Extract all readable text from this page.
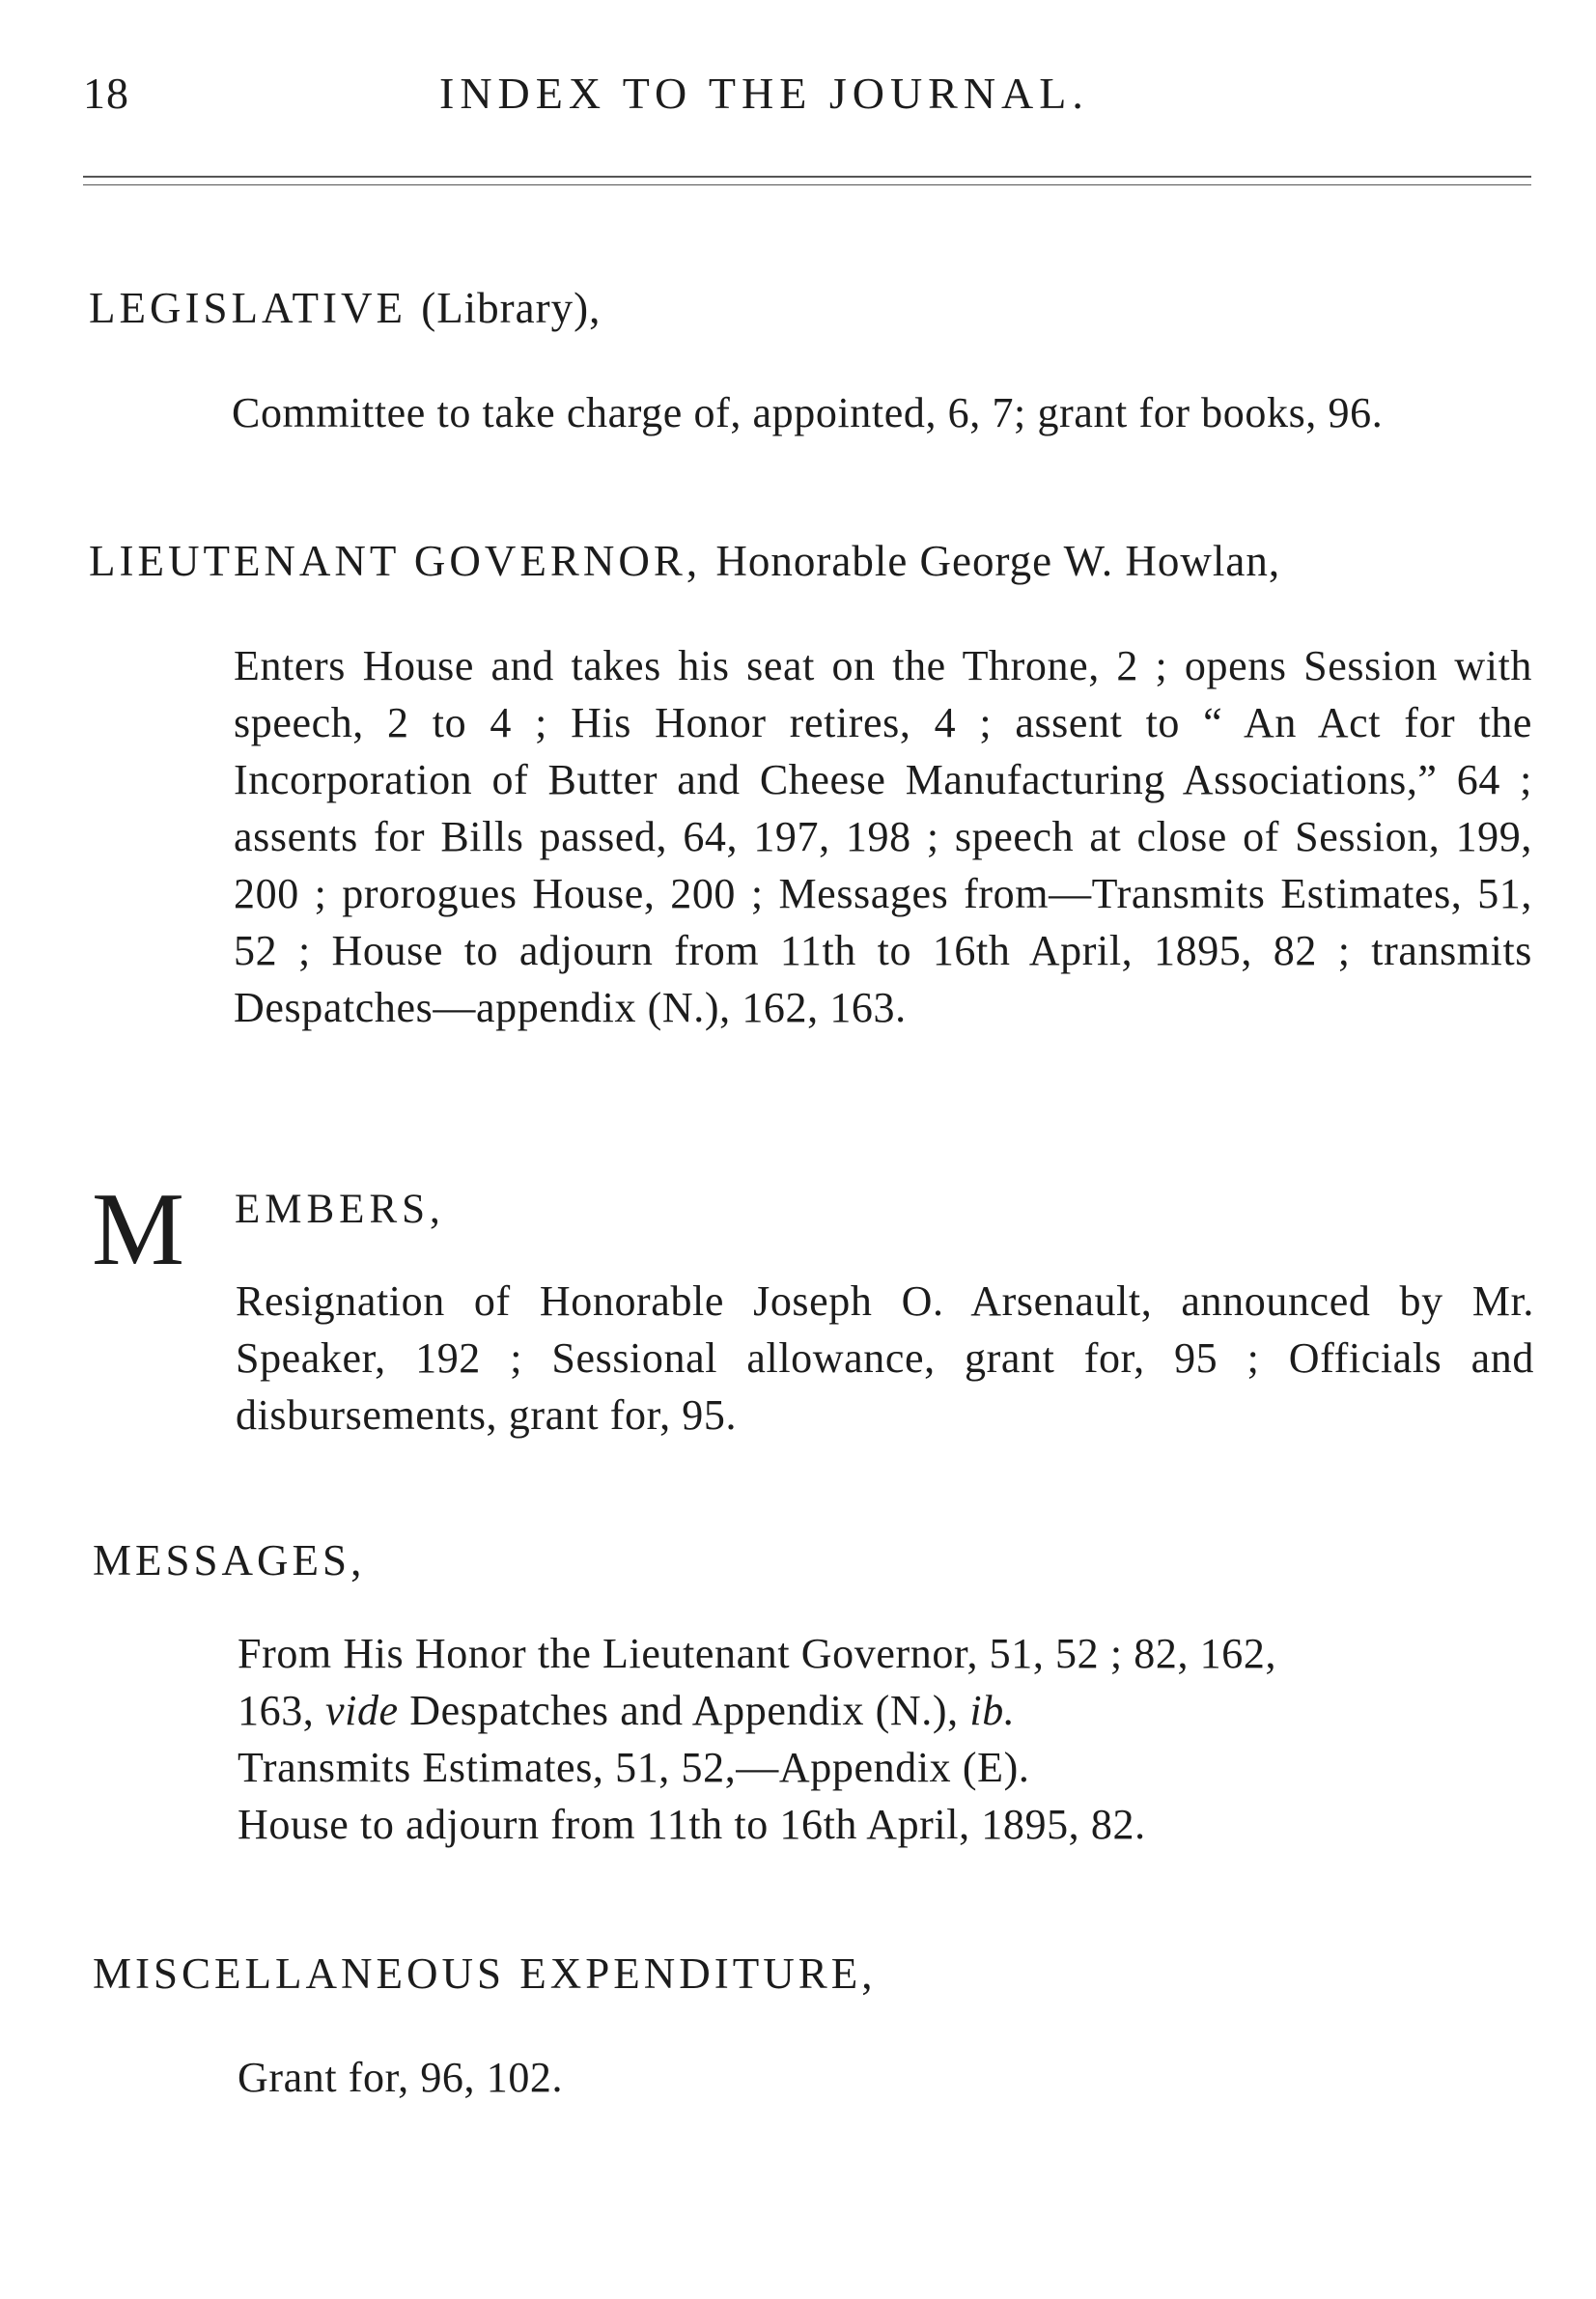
18	INDEX TO THE JOURNAL.
LEGISLATIVE (Library),
Committee to take charge of, appointed, 6, 7; grant for books, 96.
LIEUTENANT GOVERNOR, Honorable George W. Howlan,
Enters House and takes his seat on the Throne, 2 ; opens Session with speech, 2 to 4 ; His Honor retires, 4 ; assent to “ An Act for the Incorporation of Butter and Cheese Manufacturing Associations,” 64 ; assents for Bills passed, 64, 197, 198 ; speech at close of Session, 199, 200 ; prorogues House, 200 ; Messages from—Transmits Estimates, 51, 52 ; House to adjourn from 11th to 16th April, 1895, 82 ; transmits Despatches—appendix (N.), 162, 163.
M EMBERS,
Resignation of Honorable Joseph O. Arsenault, announced by Mr. Speaker, 192 ; Sessional allowance, grant for, 95 ; Officials and disbursements, grant for, 95.
MESSAGES,
From His Honor the Lieutenant Governor, 51, 52 ; 82, 162,
163, vide Despatches and Appendix (N.), ib.
Transmits Estimates, 51, 52,—Appendix (E).
House to adjourn from 11th to 16th April, 1895, 82.
MISCELLANEOUS EXPENDITURE,
Grant for, 96, 102.
